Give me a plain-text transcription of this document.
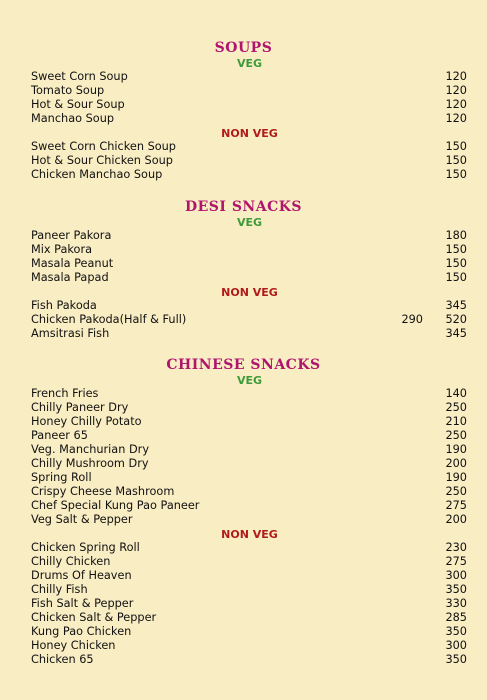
SOUPS
VEG
Sweet Corn Soup	120
Tomato Soup	120
Hot & Sour Soup	120
Manchao Soup	120
NON VEG
Sweet Corn Chicken Soup	150
Hot & Sour Chicken Soup	150
Chicken Manchao Soup	150
DESI SNACKS
VEG
Paneer Pakora	180
Mix Pakora	150
Masala Peanut	150
Masala Papad	150
NON VEG
Fish Pakoda	345
Chicken Pakoda(Half & Full)	290 520
Amsitrasi Fish	345
CHINESE SNACKS
VEG
French Fries	140
Chilly Paneer Dry	250
Honey Chilly Potato	210
Paneer 65	250
Veg. Manchurian Dry	190
Chilly Mushroom Dry	200
Spring Roll	190
Crispy Cheese Mashroom	250
Chef Special Kung Pao Paneer	275
Veg Salt & Pepper	200
NON VEG
Chicken Spring Roll	230
Chilly Chicken	275
Drums Of Heaven	300
Chilly Fish	350
Fish Salt & Pepper	330
Chicken Salt & Pepper	285
Kung Pao Chicken	350
Honey Chicken	300
Chicken 65	350
